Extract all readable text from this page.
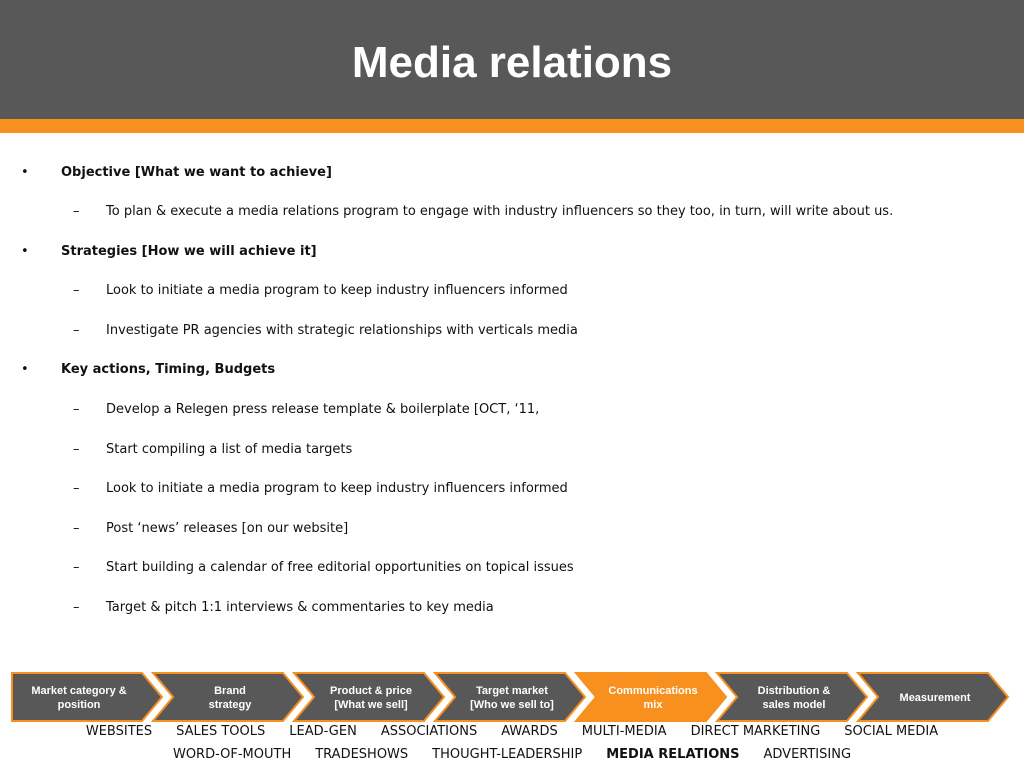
Media relations
• Objective [What we want to achieve]
– To plan & execute a media relations program to engage with industry influencers so they too, in turn, will write about us.
• Strategies [How we will achieve it]
– Look to initiate a media program to keep industry influencers informed
– Investigate PR agencies with strategic relationships with verticals media
• Key actions, Timing, Budgets
– Develop a Relegen press release template & boilerplate [OCT, ‘11,
– Start compiling a list of media targets
– Look to initiate a media program to keep industry influencers informed
– Post ‘news’ releases [on our website]
– Start building a calendar of free editorial opportunities on topical issues
– Target & pitch 1:1 interviews & commentaries to key media
Market category &
position
Brand
strategy
Product & price
[What we sell]
Target market
[Who we sell to]
Communications
mix
Distribution &
sales model
Measurement
WEBSITES SALES TOOLS LEAD-GEN ASSOCIATIONS AWARDS MULTI-MEDIA DIRECT MARKETING SOCIAL MEDIA
WORD-OF-MOUTH TRADESHOWS THOUGHT-LEADERSHIP MEDIA RELATIONS ADVERTISING
